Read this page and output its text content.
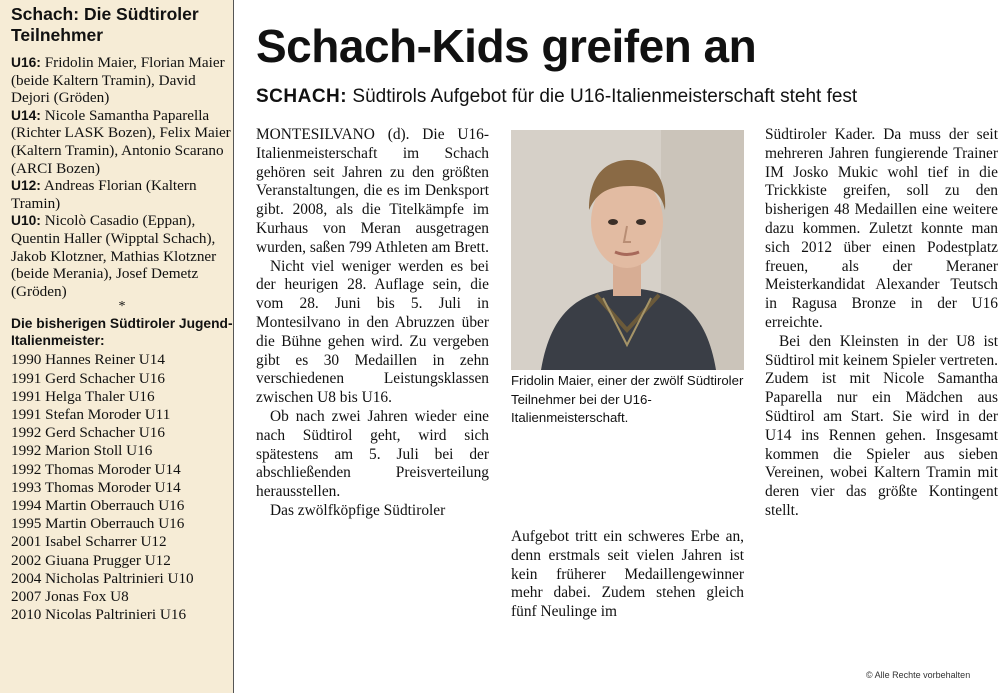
Schach: Die Südtiroler Teilnehmer
U16: Fridolin Maier, Florian Maier (beide Kaltern Tramin), David Dejori (Gröden)
U14: Nicole Samantha Paparella (Richter LASK Bozen), Felix Maier (Kaltern Tramin), Antonio Scarano (ARCI Bozen)
U12: Andreas Florian (Kaltern Tramin)
U10: Nicolò Casadio (Eppan), Quentin Haller (Wipptal Schach), Jakob Klotzner, Mathias Klotzner (beide Merania), Josef Demetz (Gröden)
*
Die bisherigen Südtiroler Jugend-Italienmeister:
1990 Hannes Reiner U14
1991 Gerd Schacher U16
1991 Helga Thaler U16
1991 Stefan Moroder U11
1992 Gerd Schacher U16
1992 Marion Stoll U16
1992 Thomas Moroder U14
1993 Thomas Moroder U14
1994 Martin Oberrauch U16
1995 Martin Oberrauch U16
2001 Isabel Scharrer U12
2002 Giuana Prugger U12
2004 Nicholas Paltrinieri U10
2007 Jonas Fox U8
2010 Nicolas Paltrinieri U16
Schach-Kids greifen an
SCHACH: Südtirols Aufgebot für die U16-Italienmeisterschaft steht fest

MONTESILVANO (d). Die U16-Italienmeisterschaft im Schach gehören seit Jahren zu den größten Veranstaltungen, die es im Denksport gibt. 2008, als die Titelkämpfe im Kurhaus von Meran ausgetragen wurden, saßen 799 Athleten am Brett.

Nicht viel weniger werden es bei der heurigen 28. Auflage sein, die vom 28. Juni bis 5. Juli in Montesilvano in den Abruzzen über die Bühne gehen wird. Zu vergeben gibt es 30 Medaillen in zehn verschiedenen Leistungsklassen zwischen U8 bis U16.

Ob nach zwei Jahren wieder eine nach Südtirol geht, wird sich spätestens am 5. Juli bei der abschließenden Preisverteilung herausstellen.

Das zwölfköpfige Südtiroler

Fridolin Maier, einer der zwölf Südtiroler Teilnehmer bei der U16-Italienmeisterschaft.

Aufgebot tritt ein schweres Erbe an, denn erstmals seit vielen Jahren ist kein früherer Medaillengewinner mehr dabei. Zudem stehen gleich fünf Neulinge im

Südtiroler Kader. Da muss der seit mehreren Jahren fungierende Trainer IM Josko Mukic wohl tief in die Trickkiste greifen, soll zu den bisherigen 48 Medaillen eine weitere dazu kommen. Zuletzt konnte man sich 2012 über einen Podestplatz freuen, als der Meraner Meisterkandidat Alexander Teutsch in Ragusa Bronze in der U16 erreichte.

Bei den Kleinsten in der U8 ist Südtirol mit keinem Spieler vertreten. Zudem ist mit Nicole Samantha Paparella nur ein Mädchen aus Südtirol am Start. Sie wird in der U14 ins Rennen gehen. Insgesamt kommen die Spieler aus sieben Vereinen, wobei Kaltern Tramin mit deren vier das größte Kontingent stellt.

© Alle Rechte vorbehalten
